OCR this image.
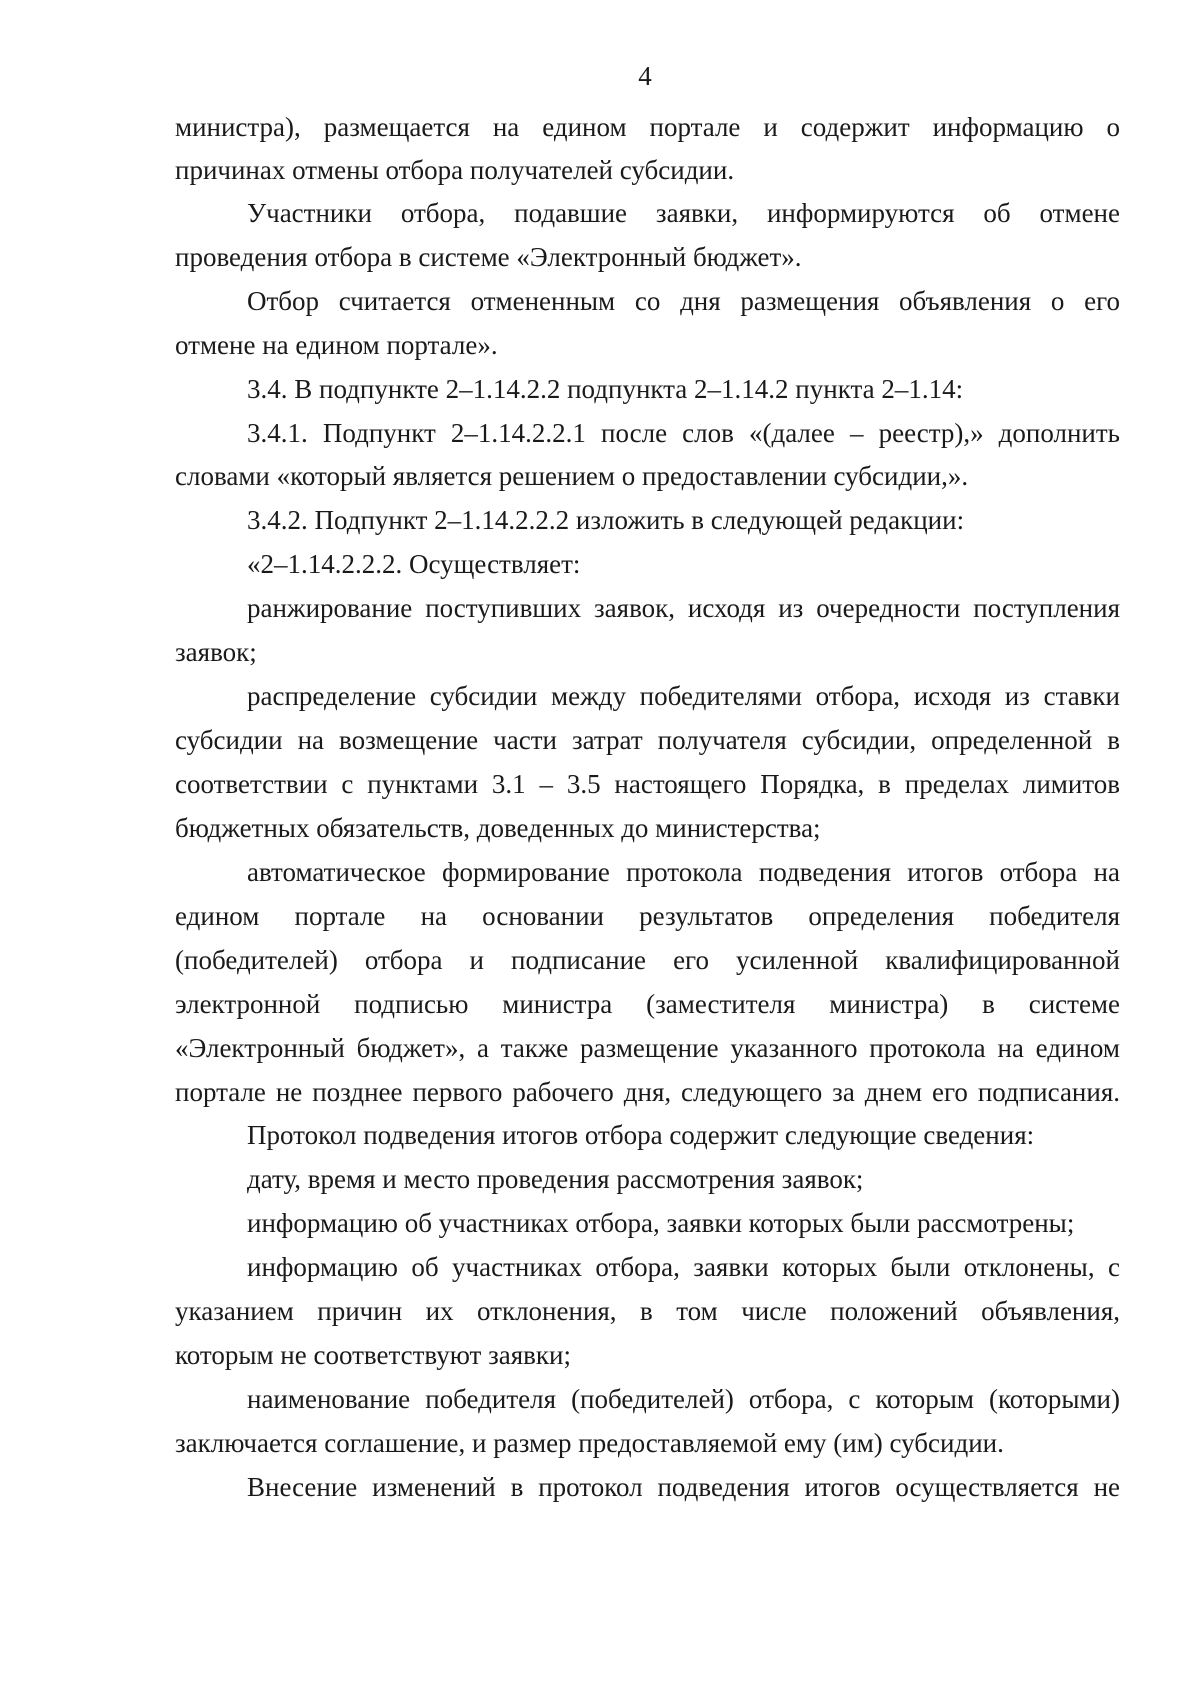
4
министра), размещается на едином портале и содержит информацию о
причинах отмены отбора получателей субсидии.
Участники отбора, подавшие заявки, информируются об отмене
проведения отбора в системе «Электронный бюджет».
Отбор считается отмененным со дня размещения объявления о его
отмене на едином портале».
3.4. В подпункте 2–1.14.2.2 подпункта 2–1.14.2 пункта 2–1.14:
3.4.1. Подпункт 2–1.14.2.2.1 после слов «(далее – реестр),» дополнить
словами «который является решением о предоставлении субсидии,».
3.4.2. Подпункт 2–1.14.2.2.2 изложить в следующей редакции:
«2–1.14.2.2.2. Осуществляет:
ранжирование поступивших заявок, исходя из очередности поступления
заявок;
распределение субсидии между победителями отбора, исходя из ставки
субсидии на возмещение части затрат получателя субсидии, определенной в
соответствии с пунктами 3.1 – 3.5 настоящего Порядка, в пределах лимитов
бюджетных обязательств, доведенных до министерства;
автоматическое формирование протокола подведения итогов отбора на
едином портале на основании результатов определения победителя
(победителей) отбора и подписание его усиленной квалифицированной
электронной подписью министра (заместителя министра) в системе
«Электронный бюджет», а также размещение указанного протокола на едином
портале не позднее первого рабочего дня, следующего за днем его подписания.
Протокол подведения итогов отбора содержит следующие сведения:
дату, время и место проведения рассмотрения заявок;
информацию об участниках отбора, заявки которых были рассмотрены;
информацию об участниках отбора, заявки которых были отклонены, с
указанием причин их отклонения, в том числе положений объявления,
которым не соответствуют заявки;
наименование победителя (победителей) отбора, с которым (которыми)
заключается соглашение, и размер предоставляемой ему (им) субсидии.
Внесение изменений в протокол подведения итогов осуществляется не
